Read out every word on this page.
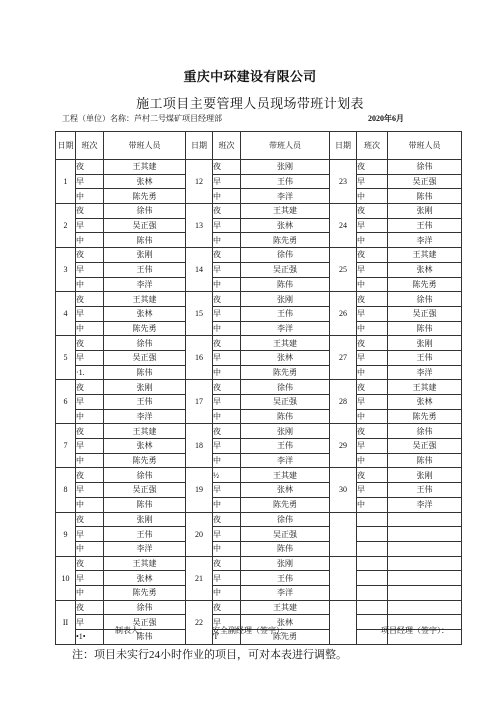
重庆中环建设有限公司
施工项目主要管理人员现场带班计划表
工程（单位）名称：芦村二号煤矿项目经理部	2020年6月
日期	班次	带班人员	日期	班次	带班人员	日期	班次	带班人员
1	夜	王其建	12	夜	张刚	23	夜	徐伟
	早	张林		早	王伟		早	吴正强
	中	陈先勇		中	李洋		中	陈伟
2	夜	徐伟	13	夜	王其建	24	夜	张刚
	早	吴正强		早	张林		早	王伟
	中	陈伟		中	陈先勇		中	李洋
3	夜	张刚	14	夜	徐伟	25	夜	王其建
	早	王伟		早	吴正强		早	张林
	中	李洋		中	陈伟		中	陈先勇
4	夜	王其建	15	夜	张刚	26	夜	徐伟
	早	张林		早	王伟		早	吴正强
	中	陈先勇		中	李洋		中	陈伟
5	夜	徐伟	16	夜	王其建	27	夜	张刚
	早	吴正强		早	张林		早	王伟
	·1.	陈伟		中	陈先勇		中	李洋
6	夜	张刚	17	夜	徐伟	28	夜	王其建
	早	王伟		早	吴正强		早	张林
	中	李洋		中	陈伟		中	陈先勇
7	夜	王其建	18	夜	张刚	29	夜	徐伟
	早	张林		早	王伟		早	吴正强
	中	陈先勇		中	李洋		中	陈伟
8	夜	徐伟	19	½	王其建	30	夜	张刚
	早	吴正强		早	张林		早	王伟
	中	陈伟		中	陈先勇		中	李洋
9	夜	张刚	20	夜	徐伟			
	早	王伟		早	吴正强			
	中	李洋		中	陈伟			
10	夜	王其建	21	夜	张刚			
	早	张林		早	王伟			
	中	陈先勇		中	李洋			
II	夜	徐伟	22	夜	王其建			
	早	吴正强		早	张林			
	•1•	陈伟		'I'	陈先勇			
制表人：	安全副经理（签字）：	项目经理（签字）：
注：项目未实行24小时作业的项目，可对本表进行调整。
